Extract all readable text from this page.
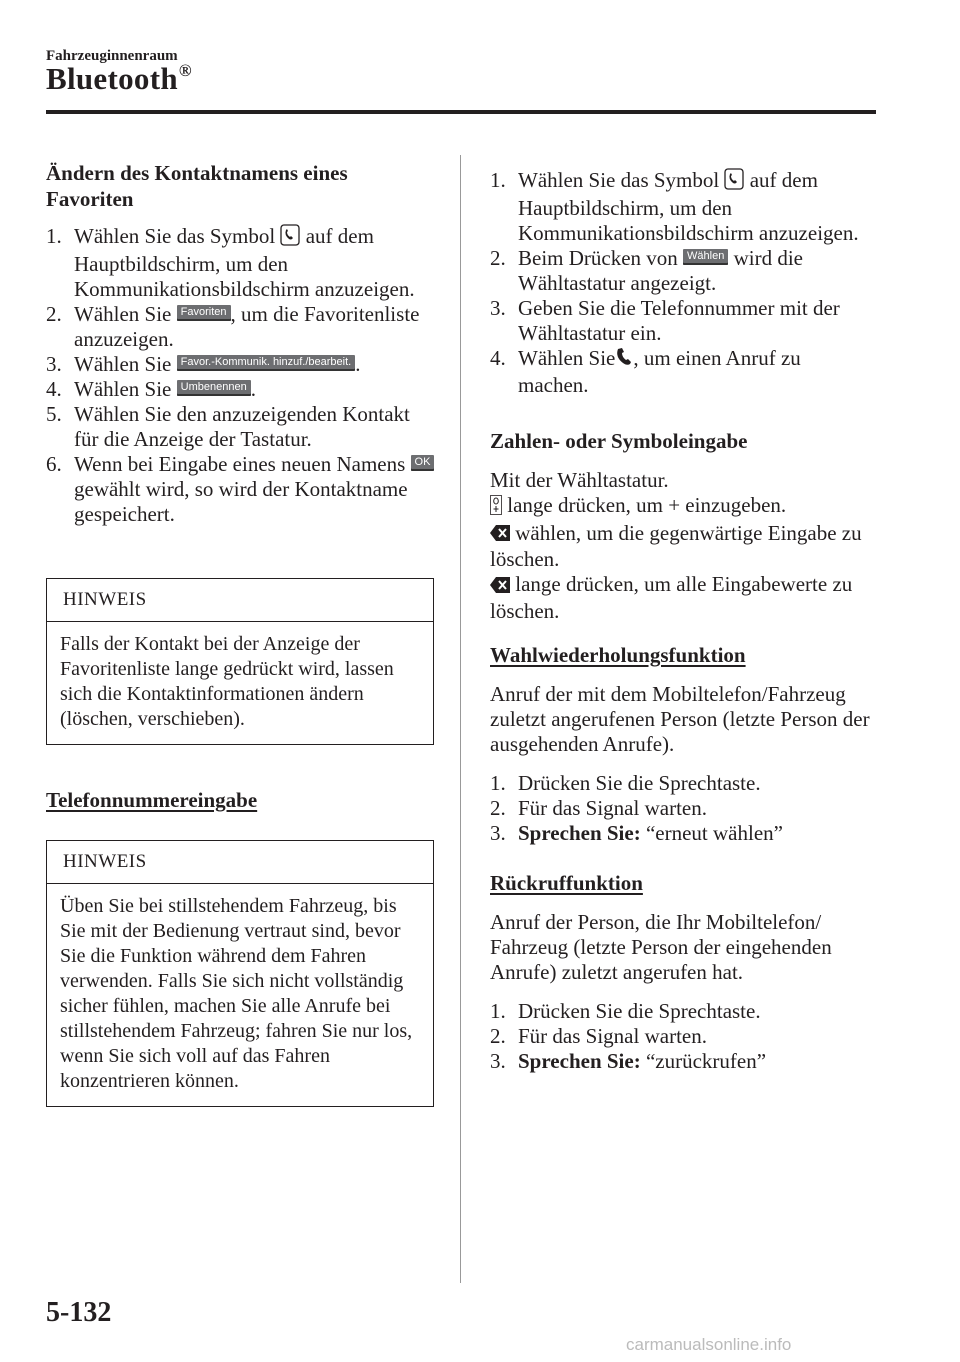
Fahrzeuginnenraum
Bluetooth®

Ändern des Kontaktnamens eines Favoriten

1. Wählen Sie das Symbol auf dem Hauptbildschirm, um den Kommunikationsbildschirm anzuzeigen.
2. Wählen Sie Favoriten , um die Favoritenliste anzuzeigen.
3. Wählen Sie Favor.-Kommunik. hinzuf./bearbeit. .
4. Wählen Sie Umbenennen .
5. Wählen Sie den anzuzeigenden Kontakt für die Anzeige der Tastatur.
6. Wenn bei Eingabe eines neuen Namens OK gewählt wird, so wird der Kontaktname gespeichert.
HINWEIS
Falls der Kontakt bei der Anzeige der Favoritenliste lange gedrückt wird, lassen sich die Kontaktinformationen ändern (löschen, verschieben).

Telefonnummereingabe

HINWEIS
Üben Sie bei stillstehendem Fahrzeug, bis Sie mit der Bedienung vertraut sind, bevor Sie die Funktion während dem Fahren verwenden. Falls Sie sich nicht vollständig sicher fühlen, machen Sie alle Anrufe bei stillstehendem Fahrzeug; fahren Sie nur los, wenn Sie sich voll auf das Fahren konzentrieren können.
1. Wählen Sie das Symbol auf dem Hauptbildschirm, um den Kommunikationsbildschirm anzuzeigen.
2. Beim Drücken von Wählen wird die Wähltastatur angezeigt.
3. Geben Sie die Telefonnummer mit der Wähltastatur ein.
4. Wählen Sie , um einen Anruf zu machen.

Zahlen- oder Symboleingabe

Mit der Wähltastatur.

lange drücken, um + einzugeben.

wählen, um die gegenwärtige Eingabe zu löschen.

lange drücken, um alle Eingabewerte zu löschen.

Wahlwiederholungsfunktion

Anruf der mit dem Mobiltelefon/Fahrzeug zuletzt angerufenen Person (letzte Person der ausgehenden Anrufe).

1. Drücken Sie die Sprechtaste.
2. Für das Signal warten.
3. Sprechen Sie: “erneut wählen”

Rückruffunktion

Anruf der Person, die Ihr Mobiltelefon/ Fahrzeug (letzte Person der eingehenden Anrufe) zuletzt angerufen hat.

1. Drücken Sie die Sprechtaste.
2. Für das Signal warten.
3. Sprechen Sie: “zurückrufen”
5-132
carmanualsonline.info
